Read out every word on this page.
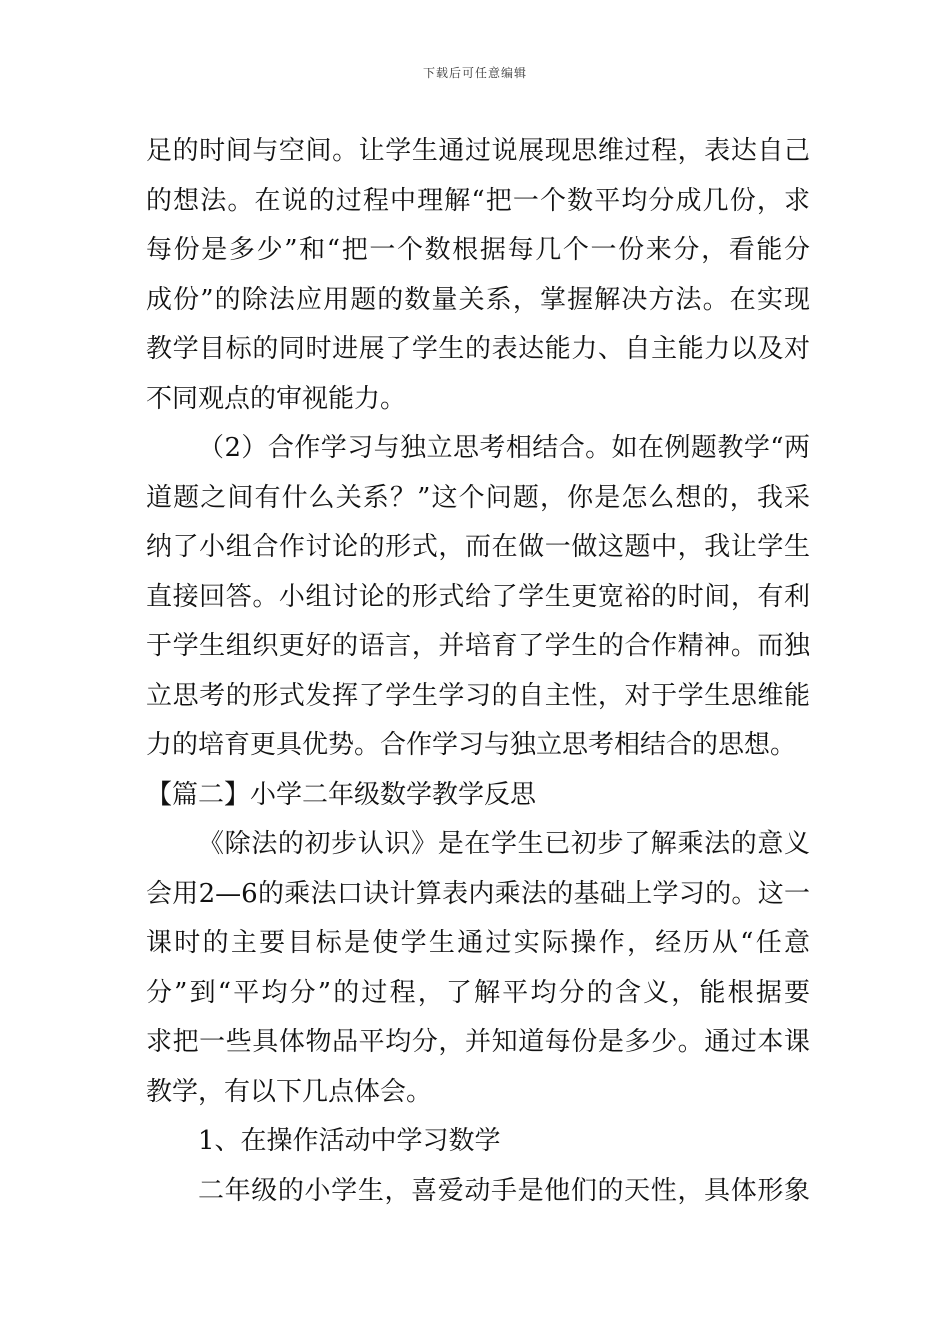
下载后可任意编辑
足的时间与空间。让学生通过说展现思维过程，表达自己
的想法。在说的过程中理解“把一个数平均分成几份，求
每份是多少”和“把一个数根据每几个一份来分，看能分
成份”的除法应用题的数量关系，掌握解决方法。在实现
教学目标的同时进展了学生的表达能力、自主能力以及对
不同观点的审视能力。
（2）合作学习与独立思考相结合。如在例题教学“两
道题之间有什么关系？”这个问题，你是怎么想的，我采
纳了小组合作讨论的形式，而在做一做这题中，我让学生
直接回答。小组讨论的形式给了学生更宽裕的时间，有利
于学生组织更好的语言，并培育了学生的合作精神。而独
立思考的形式发挥了学生学习的自主性，对于学生思维能
力的培育更具优势。合作学习与独立思考相结合的思想。
【篇二】小学二年级数学教学反思
《除法的初步认识》是在学生已初步了解乘法的意义
会用2—6的乘法口诀计算表内乘法的基础上学习的。这一
课时的主要目标是使学生通过实际操作，经历从“任意
分”到“平均分”的过程，了解平均分的含义，能根据要
求把一些具体物品平均分，并知道每份是多少。通过本课
教学，有以下几点体会。
1、在操作活动中学习数学
二年级的小学生，喜爱动手是他们的天性，具体形象
